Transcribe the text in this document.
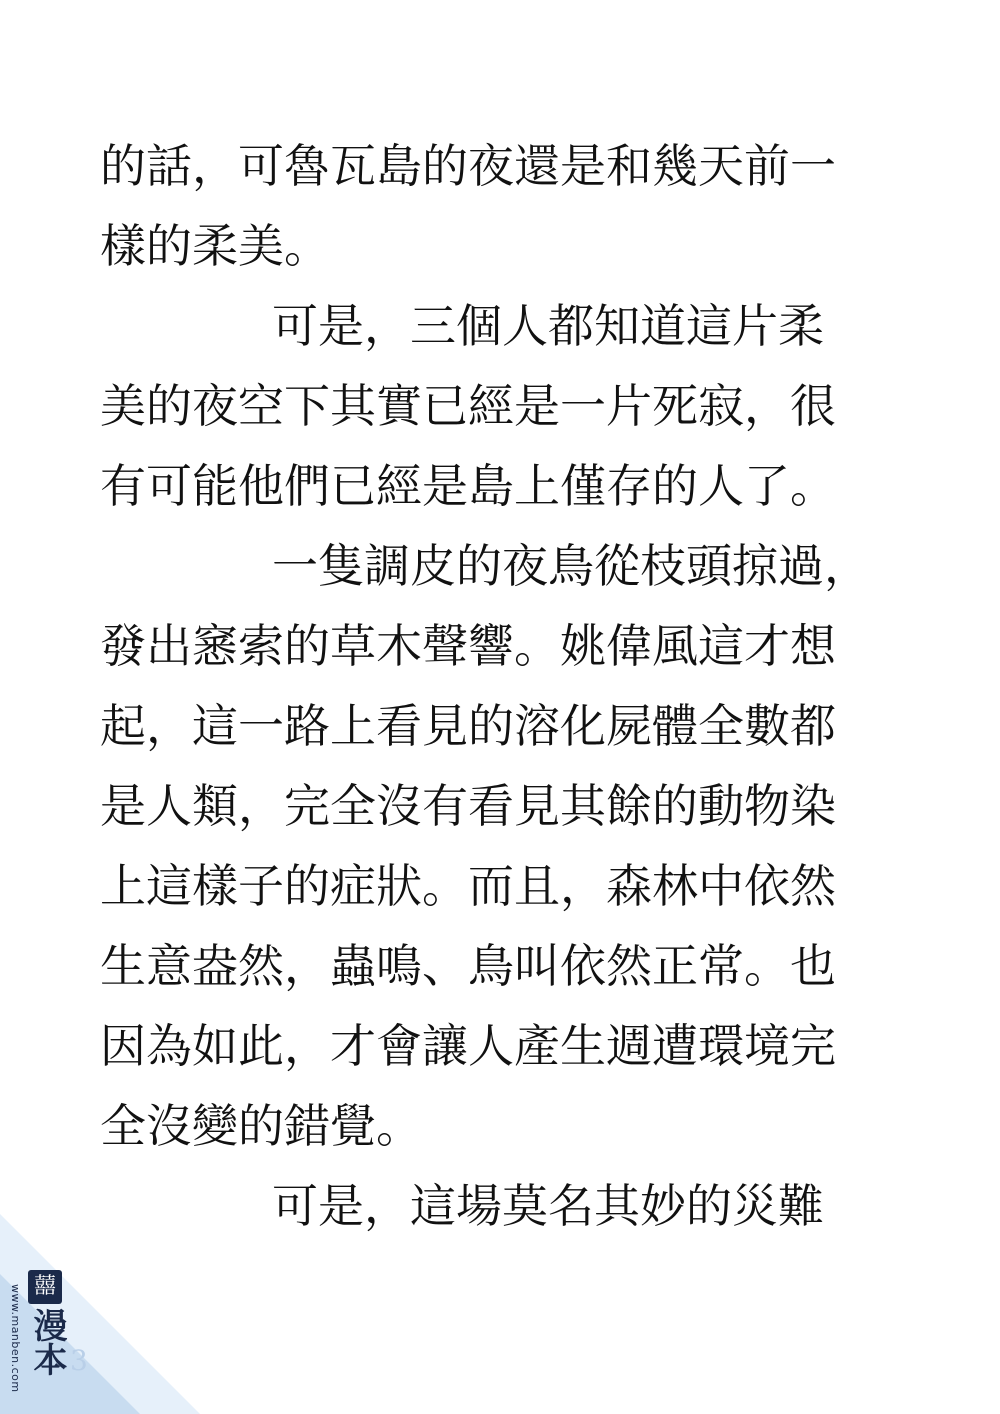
的話，可魯瓦島的夜還是和幾天前一
樣的柔美。
可是，三個人都知道這片柔
美的夜空下其實已經是一片死寂，很
有可能他們已經是島上僅存的人了。
一隻調皮的夜鳥從枝頭掠過，
發出窸索的草木聲響。姚偉風這才想
起，這一路上看見的溶化屍體全數都
是人類，完全沒有看見其餘的動物染
上這樣子的症狀。而且，森林中依然
生意盎然，蟲鳴、鳥叫依然正常。也
因為如此，才會讓人產生週遭環境完
全沒變的錯覺。
可是，這場莫名其妙的災難
www.manben.com 囍
漫本 3
